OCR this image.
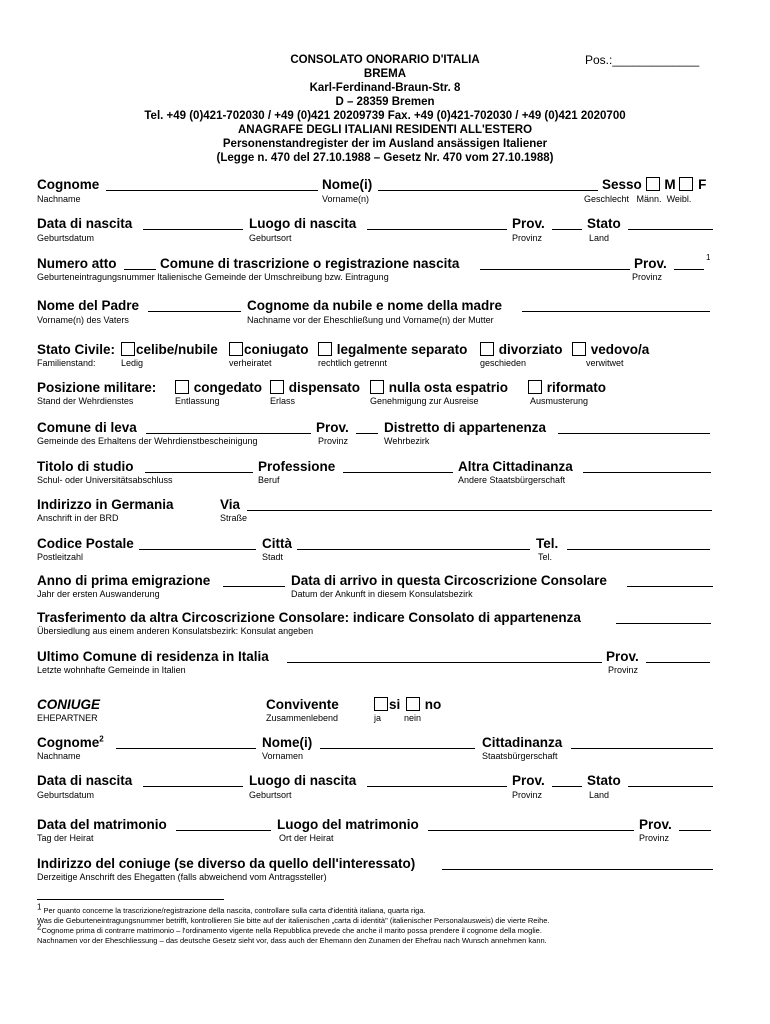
CONSOLATO ONORARIO D'ITALIA
BREMA
Karl-Ferdinand-Braun-Str. 8
D – 28359 Bremen
Tel. +49 (0)421-702030 / +49 (0)421 20209739 Fax. +49 (0)421-702030 / +49 (0)421 2020700
ANAGRAFE DEGLI ITALIANI RESIDENTI ALL'ESTERO
Personenstandregister der im Ausland ansässigen Italiener
(Legge n. 470 del 27.10.1988 – Gesetz Nr. 470 vom 27.10.1988)
Pos.:_____________
Cognome	Nome(i)	Sesso M F
Nachname	Vorname(n)	Geschlecht Männ. Weibl.
Data di nascita	Luogo di nascita	Prov.	Stato
Geburtsdatum	Geburtsort	Provinz	Land
Numero atto	Comune di trascrizione o registrazione nascita	Prov.	1
Geburteneintragungsnummer Italienische Gemeinde der Umschreibung bzw. Eintragung	Provinz
Nome del Padre	Cognome da nubile e nome della madre
Vorname(n) des Vaters	Nachname vor der Eheschließung und Vorname(n) der Mutter
Stato Civile:	celibe/nubile	coniugato	legalmente separato	divorziato	vedovo/a
Familienstand:	Ledig	verheiratet	rechtlich getrennt	geschieden	verwitwet
Posizione militare:	congedato	dispensato	nulla osta espatrio	riformato
Stand der Wehrdienstes	Entlassung	Erlass	Genehmigung zur Ausreise	Ausmusterung
Comune di leva	Prov.	Distretto di appartenenza
Gemeinde des Erhaltens der Wehrdienstbescheinigung	Provinz	Wehrbezirk
Titolo di studio	Professione	Altra Cittadinanza
Schul- oder Universitätsabschluss	Beruf	Andere Staatsbürgerschaft
Indirizzo in Germania	Via
Anschrift in der BRD	Straße
Codice Postale	Città	Tel.
Postleitzahl	Stadt	Tel.
Anno di prima emigrazione	Data di arrivo in questa Circoscrizione Consolare
Jahr der ersten Auswanderung	Datum der Ankunft in diesem Konsulatsbezirk
Trasferimento da altra Circoscrizione Consolare: indicare Consolato di appartenenza
Übersiedlung aus einem anderen Konsulatsbezirk: Konsulat angeben
Ultimo Comune di residenza in Italia	Prov.
Letzte wohnhafte Gemeinde in Italien	Provinz
CONIUGE	Convivente	si no
EHEPARTNER	Zusammenlebend	ja	nein
Cognome$^2$	Nome(i)	Cittadinanza
Nachname	Vornamen	Staatsbürgerschaft
Data di nascita	Luogo di nascita	Prov.	Stato
Geburtsdatum	Geburtsort	Provinz	Land
Data del matrimonio	Luogo del matrimonio	Prov.
Tag der Heirat	Ort der Heirat	Provinz
Indirizzo del coniuge (se diverso da quello dell'interessato)
Derzeitige Anschrift des Ehegatten (falls abweichend vom Antragssteller)
$^1$ Per quanto concerne la trascrizione/registrazione della nascita, controllare sulla carta d'identità italiana, quarta riga.
Was die Geburteneintragungsnummer betrifft, kontrollieren Sie bitte auf der italienischen „carta di identità" (italienischer Personalausweis) die vierte Reihe.
$^2$Cognome prima di contrarre matrimonio – l'ordinamento vigente nella Repubblica prevede che anche il marito possa prendere il cognome della moglie.
Nachnamen vor der Eheschliessung – das deutsche Gesetz sieht vor, dass auch der Ehemann den Zunamen der Ehefrau nach Wunsch annehmen kann.
